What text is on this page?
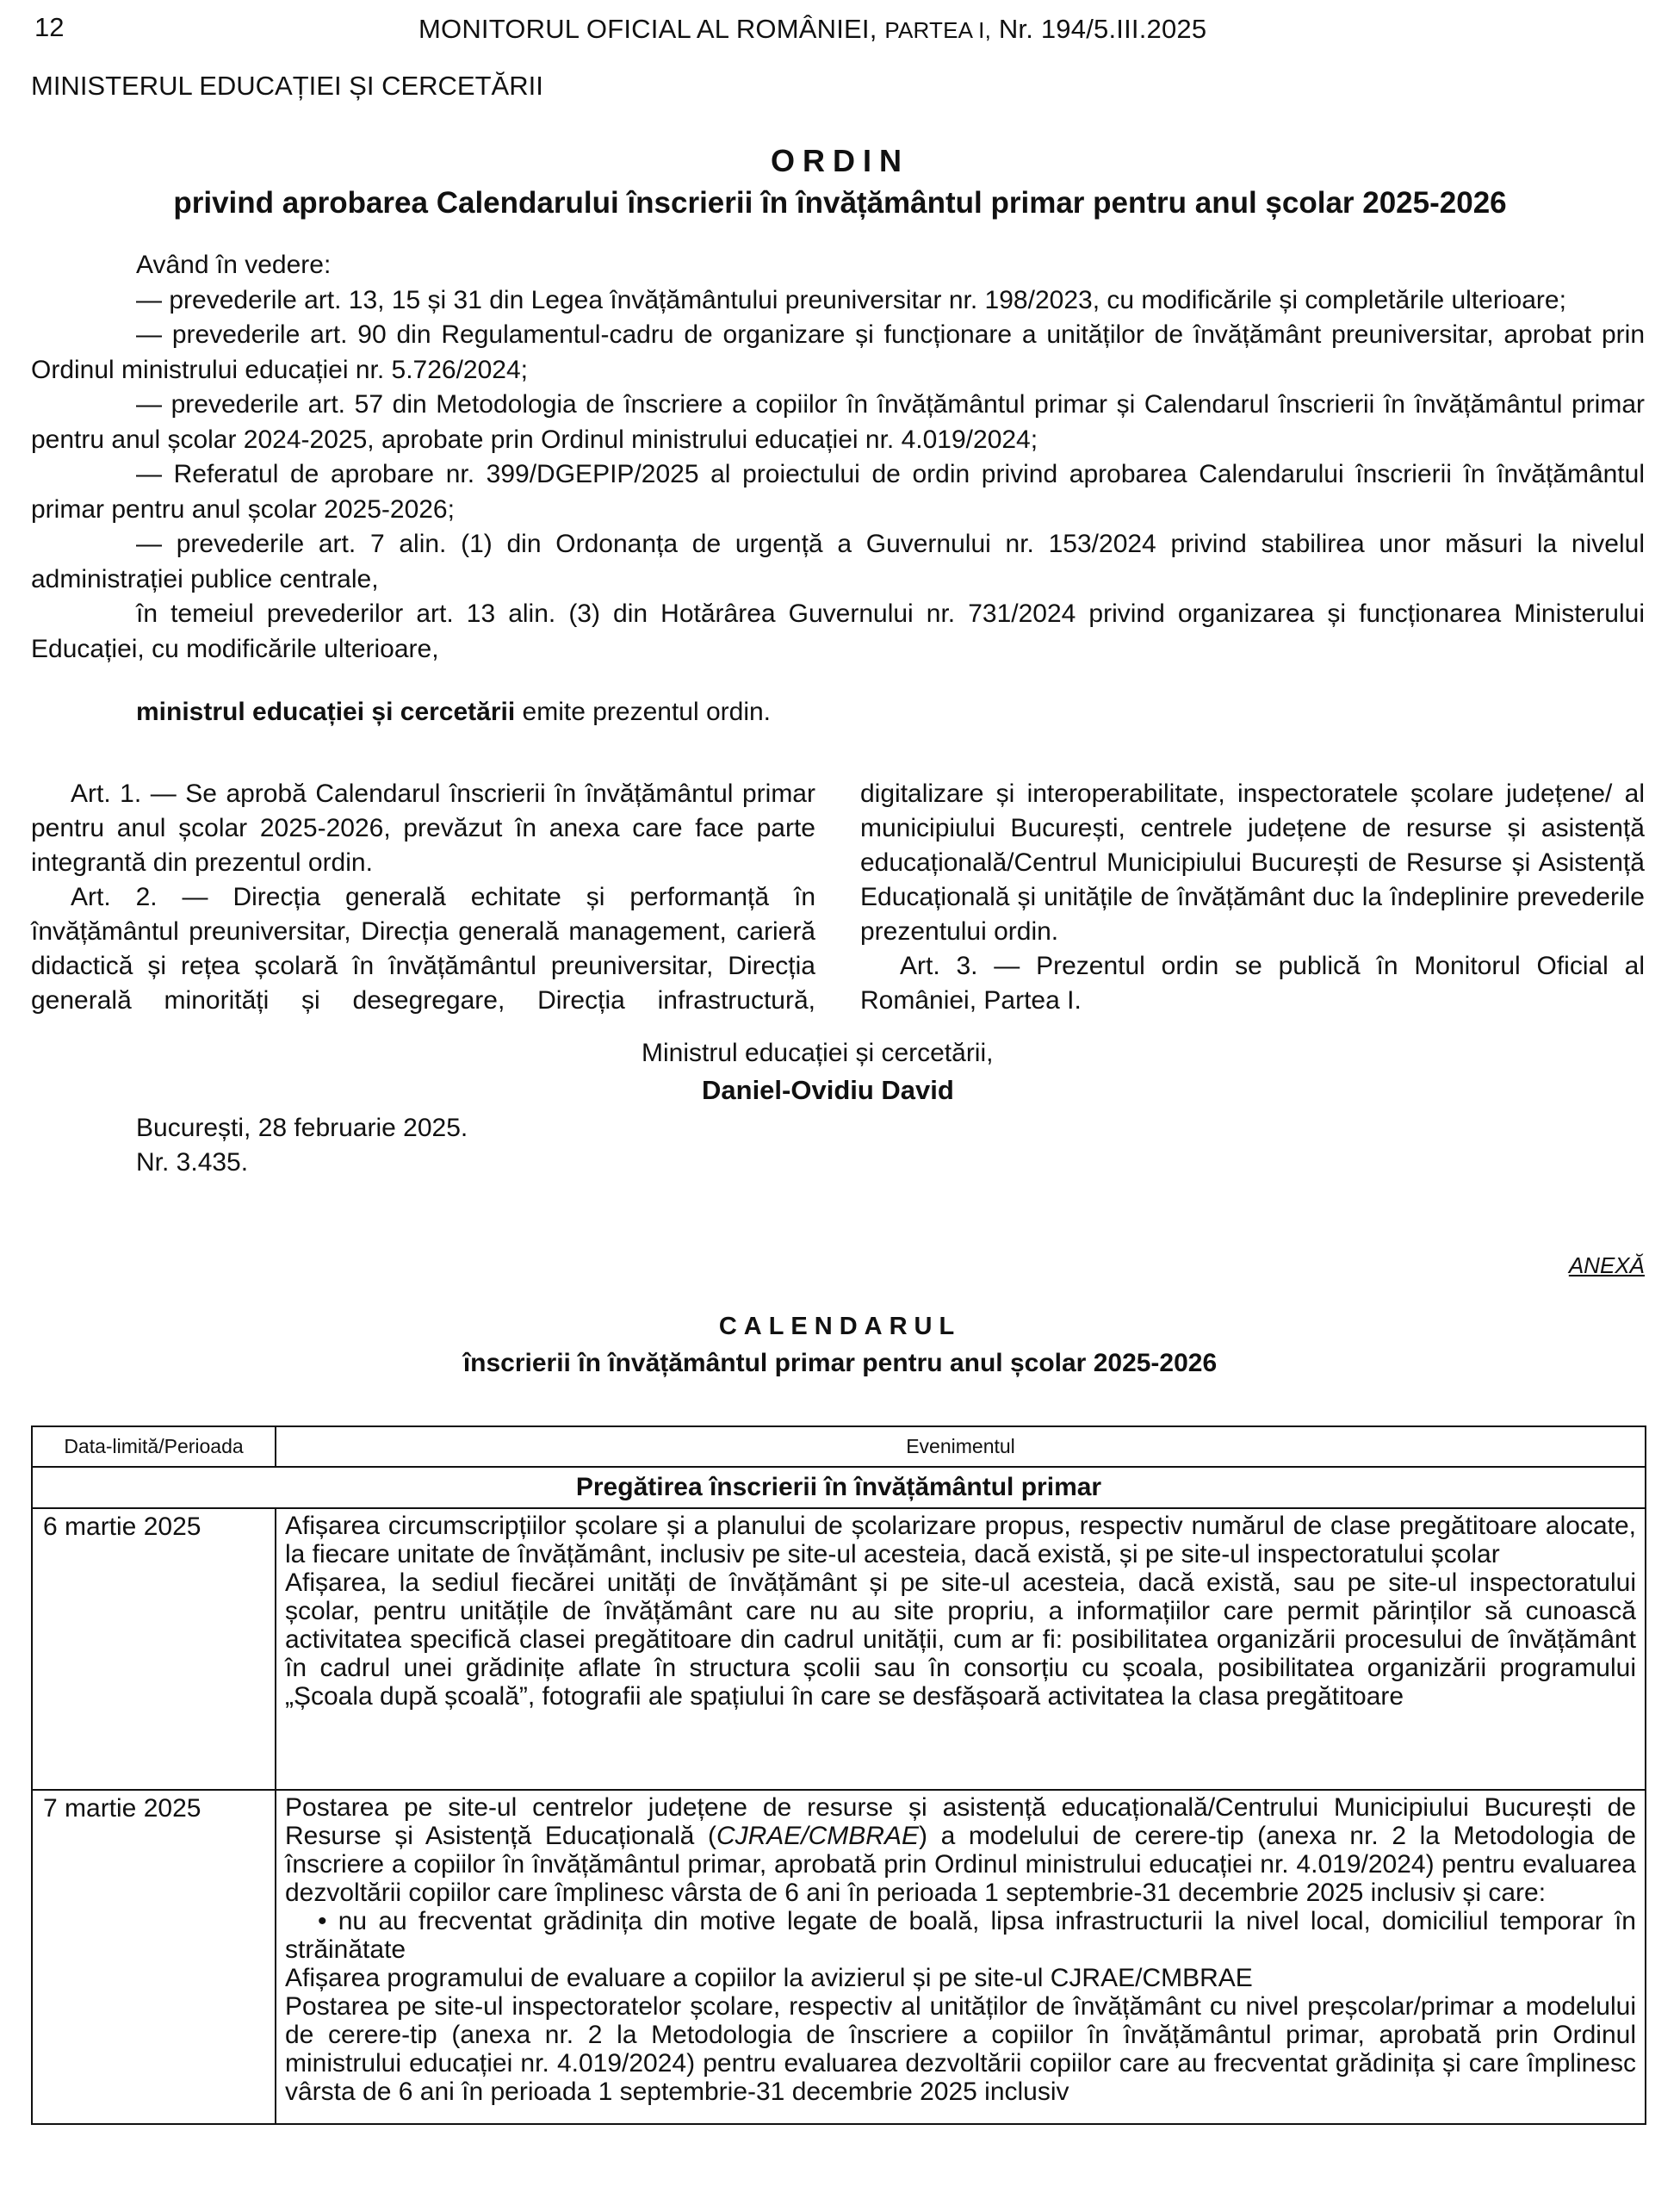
12	MONITORUL OFICIAL AL ROMÂNIEI, PARTEA I, Nr. 194/5.III.2025
MINISTERUL EDUCAȚIEI ȘI CERCETĂRII
ORDIN
privind aprobarea Calendarului înscrierii în învățământul primar pentru anul școlar 2025-2026

Având în vedere:

— prevederile art. 13, 15 și 31 din Legea învățământului preuniversitar nr. 198/2023, cu modificările și completările ulterioare;

— prevederile art. 90 din Regulamentul-cadru de organizare și funcționare a unităților de învățământ preuniversitar, aprobat prin Ordinul ministrului educației nr. 5.726/2024;

— prevederile art. 57 din Metodologia de înscriere a copiilor în învățământul primar și Calendarul înscrierii în învățământul primar pentru anul școlar 2024-2025, aprobate prin Ordinul ministrului educației nr. 4.019/2024;

— Referatul de aprobare nr. 399/DGEPIP/2025 al proiectului de ordin privind aprobarea Calendarului înscrierii în învățământul primar pentru anul școlar 2025-2026;

— prevederile art. 7 alin. (1) din Ordonanța de urgență a Guvernului nr. 153/2024 privind stabilirea unor măsuri la nivelul administrației publice centrale,

în temeiul prevederilor art. 13 alin. (3) din Hotărârea Guvernului nr. 731/2024 privind organizarea și funcționarea Ministerului Educației, cu modificările ulterioare,

ministrul educației și cercetării emite prezentul ordin.

Art. 1. — Se aprobă Calendarul înscrierii în învățământul primar pentru anul școlar 2025-2026, prevăzut în anexa care face parte integrantă din prezentul ordin.

Art. 2. — Direcția generală echitate și performanță în învățământul preuniversitar, Direcția generală management, carieră didactică și rețea școlară în învățământul preuniversitar, Direcția generală minorități și desegregare, Direcția infrastructură, digitalizare și interoperabilitate, inspectoratele școlare județene/ al municipiului București, centrele județene de resurse și asistență educațională/Centrul Municipiului București de Resurse și Asistență Educațională și unitățile de învățământ duc la îndeplinire prevederile prezentului ordin.

Art. 3. — Prezentul ordin se publică în Monitorul Oficial al României, Partea I.

Ministrul educației și cercetării,
Daniel-Ovidiu David
București, 28 februarie 2025.
Nr. 3.435.
ANEXĂ
CALENDARUL
înscrierii în învățământul primar pentru anul școlar 2025-2026
Data-limită/Perioada	Evenimentul
Pregătirea înscrierii în învățământul primar	
6 martie 2025	Afișarea circumscripțiilor școlare și a planului de școlarizare propus, respectiv numărul de clase pregătitoare alocate, la fiecare unitate de învățământ, inclusiv pe site-ul acesteia, dacă există, și pe site-ul inspectoratului școlar

Afișarea, la sediul fiecărei unități de învățământ și pe site-ul acesteia, dacă există, sau pe site-ul inspectoratului școlar, pentru unitățile de învățământ care nu au site propriu, a informațiilor care permit părinților să cunoască activitatea specifică clasei pregătitoare din cadrul unității, cum ar fi: posibilitatea organizării procesului de învățământ în cadrul unei grădinițe aflate în structura școlii sau în consorțiu cu școala, posibilitatea organizării programului „Școala după școală”, fotografii ale spațiului în care se desfășoară activitatea la clasa pregătitoare

7 martie 2025	Postarea pe site-ul centrelor județene de resurse și asistență educațională/Centrului Municipiului București de Resurse și Asistență Educațională (CJRAE/CMBRAE) a modelului de cerere-tip (anexa nr. 2 la Metodologia de înscriere a copiilor în învățământul primar, aprobată prin Ordinul ministrului educației nr. 4.019/2024) pentru evaluarea dezvoltării copiilor care împlinesc vârsta de 6 ani în perioada 1 septembrie-31 decembrie 2025 inclusiv și care:

• nu au frecventat grădinița din motive legate de boală, lipsa infrastructurii la nivel local, domiciliul temporar în străinătate

Afișarea programului de evaluare a copiilor la avizierul și pe site-ul CJRAE/CMBRAE

Postarea pe site-ul inspectoratelor școlare, respectiv al unităților de învățământ cu nivel preșcolar/primar a modelului de cerere-tip (anexa nr. 2 la Metodologia de înscriere a copiilor în învățământul primar, aprobată prin Ordinul ministrului educației nr. 4.019/2024) pentru evaluarea dezvoltării copiilor care au frecventat grădinița și care împlinesc vârsta de 6 ani în perioada 1 septembrie-31 decembrie 2025 inclusiv
